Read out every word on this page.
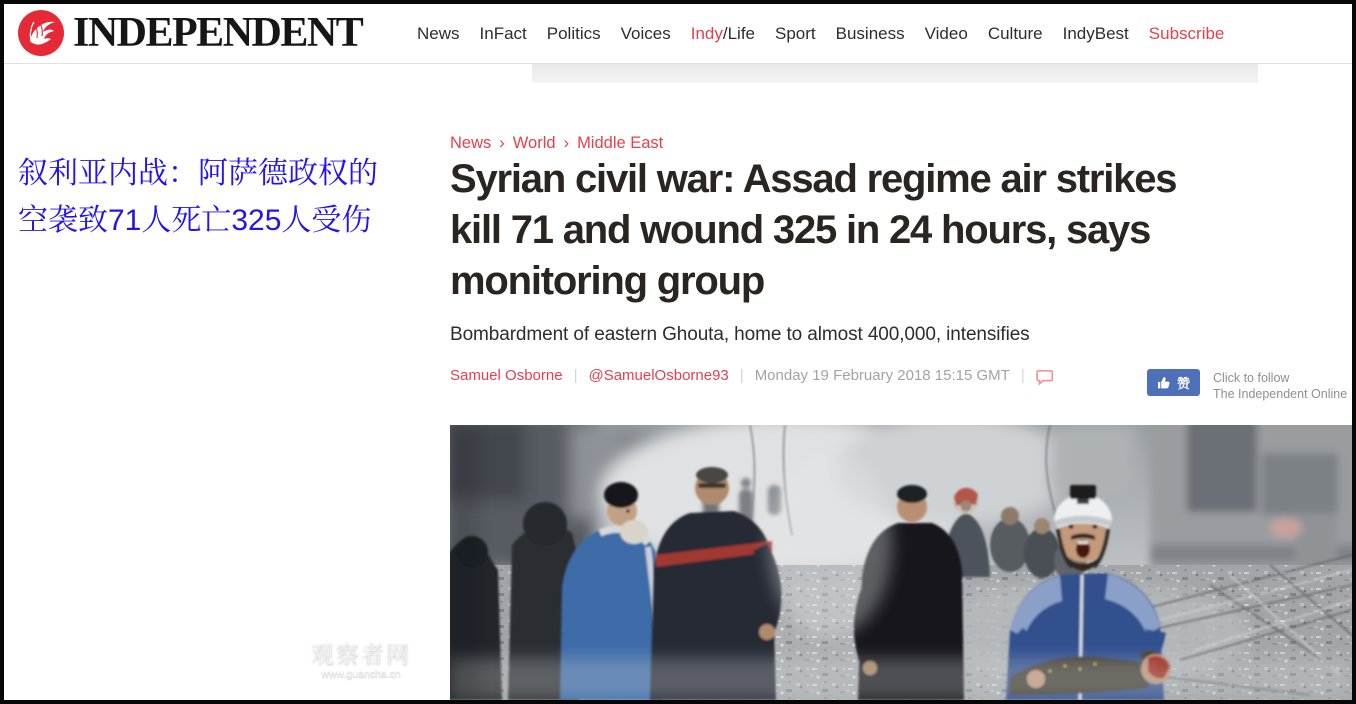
INDEPENDENT	News InFact Politics Voices Indy/Life Sport Business Video Culture IndyBest Subscribe
叙利亚内战：阿萨德政权的
空袭致71人死亡325人受伤
News › World › Middle East
Syrian civil war: Assad regime air strikes
kill 71 and wound 325 in 24 hours, says
monitoring group

Bombardment of eastern Ghouta, home to almost 400,000, intensifies

Samuel Osborne | @SamuelOsborne93 | Monday 19 February 2018 15:15 GMT |	赞 Click to follow
The Independent Online
观察者网
www.guancha.cn
